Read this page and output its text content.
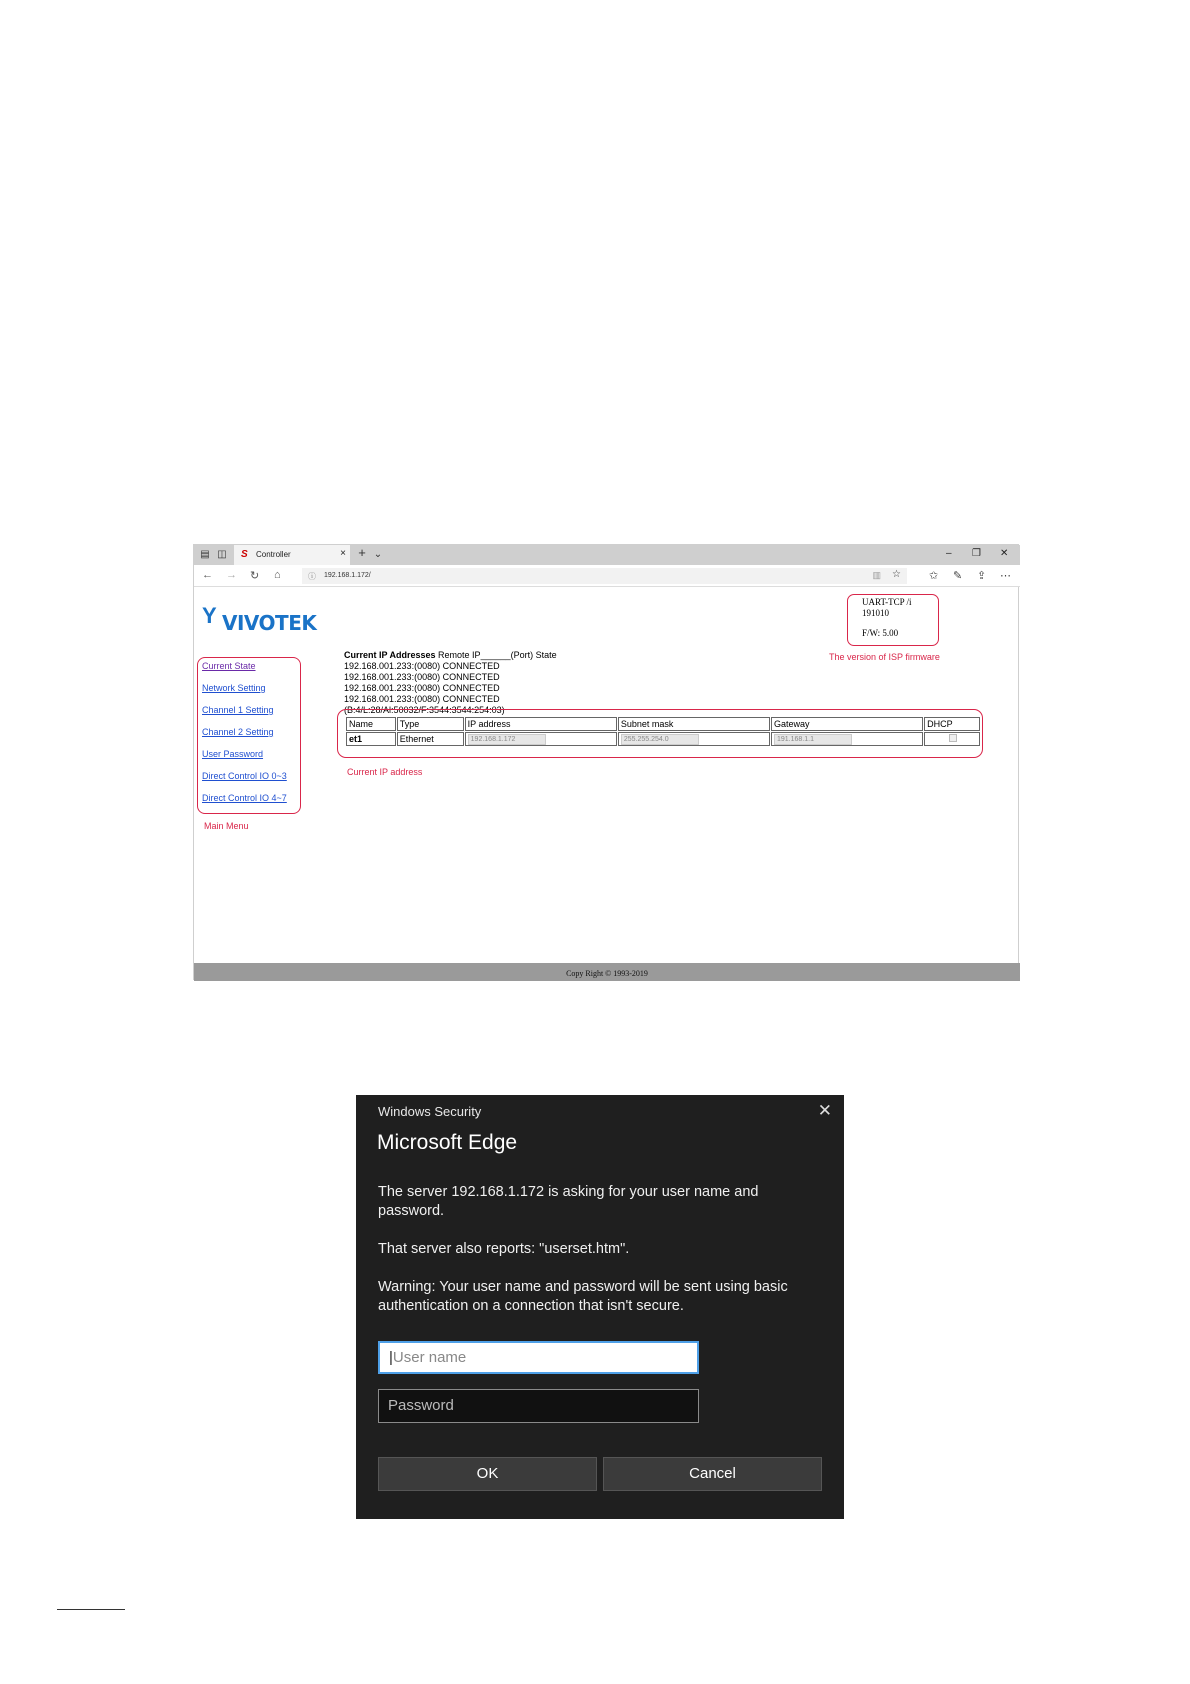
▤ ◫ S Controller	× + ⌄	– ❐ ✕
← → ↻ ⌂	ⓘ 192.168.1.172/	▥ ☆	✩ ✎ ⇪ ⋯
Y VIVOTEK
UART-TCP /i
191010
F/W: 5.00
The version of ISP firmware
Current State
Network Setting
Channel 1 Setting
Channel 2 Setting
User Password
Direct Control IO 0~3
Direct Control IO 4~7
Main Menu
Current IP Addresses Remote IP______(Port) State
192.168.001.233:(0080) CONNECTED
192.168.001.233:(0080) CONNECTED
192.168.001.233:(0080) CONNECTED
192.168.001.233:(0080) CONNECTED
(B:4/L:28/Al:50032/F:3544:3544:254:03)
Name	Type	IP address	Subnet mask	Gateway	DHCP
et1	Ethernet	192.168.1.172	255.255.254.0	191.168.1.1	
Current IP address
Copy Right © 1993-2019
Windows Security	✕
Microsoft Edge
The server 192.168.1.172 is asking for your user name and password.
That server also reports: "userset.htm".
Warning: Your user name and password will be sent using basic authentication on a connection that isn't secure.
|User name
Password
OK	Cancel
